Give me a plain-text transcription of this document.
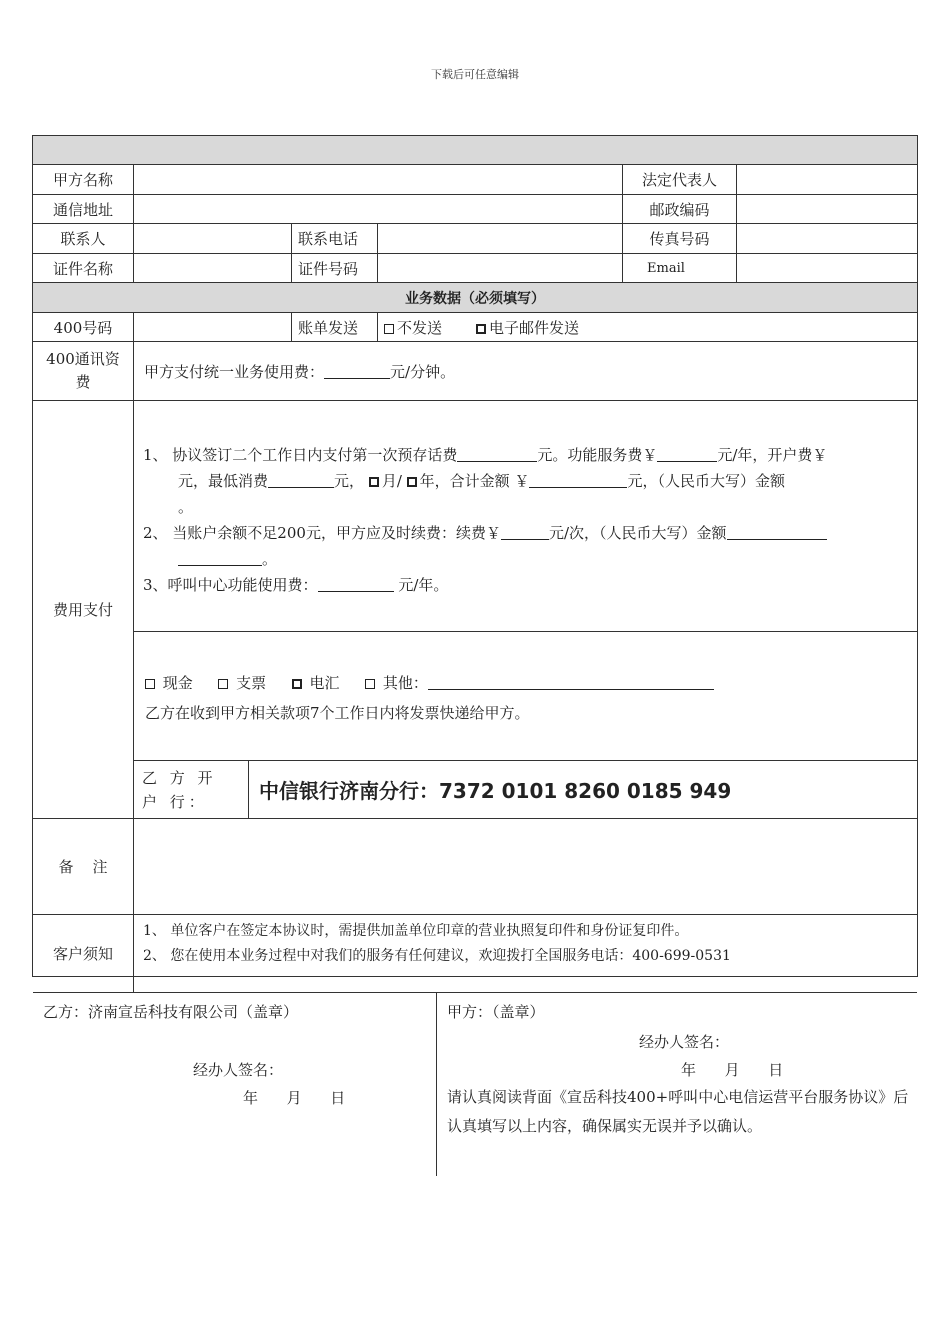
下载后可任意编辑
甲方名称	法定代表人
通信地址	邮政编码
联系人	联系电话	传真号码
证件名称	证件号码	Email
业务数据（必须填写）
400号码	账单发送	不发送	电子邮件发送
400通讯资费
甲方支付统一业务使用费：	元/分钟。
费用支付
1、 协议签订二个工作日内支付第一次预存话费	元。功能服务费￥	元/年，开户费￥
元，最低消费	元， 月/ 年，合计金额 ￥	元，（人民币大写）金额
。
2、 当账户余额不足200元，甲方应及时续费：续费￥	元/次，（人民币大写）金额
。
3、呼叫中心功能使用费：	元/年。
现金	支票	电汇	其他：
乙方在收到甲方相关款项7个工作日内将发票快递给甲方。
乙 方 开 户 行：	中信银行济南分行：7372 0101 8260 0185 949
备    注
客户须知
1、 单位客户在签定本协议时，需提供加盖单位印章的营业执照复印件和身份证复印件。
2、 您在使用本业务过程中对我们的服务有任何建议，欢迎拨打全国服务电话：400-699-0531
乙方：济南宣岳科技有限公司（盖章）
经办人签名：
年      月      日
甲方：（盖章）
经办人签名：
年      月      日
请认真阅读背面《宣岳科技400+呼叫中心电信运营平台服务协议》后认真填写以上内容，确保属实无误并予以确认。
